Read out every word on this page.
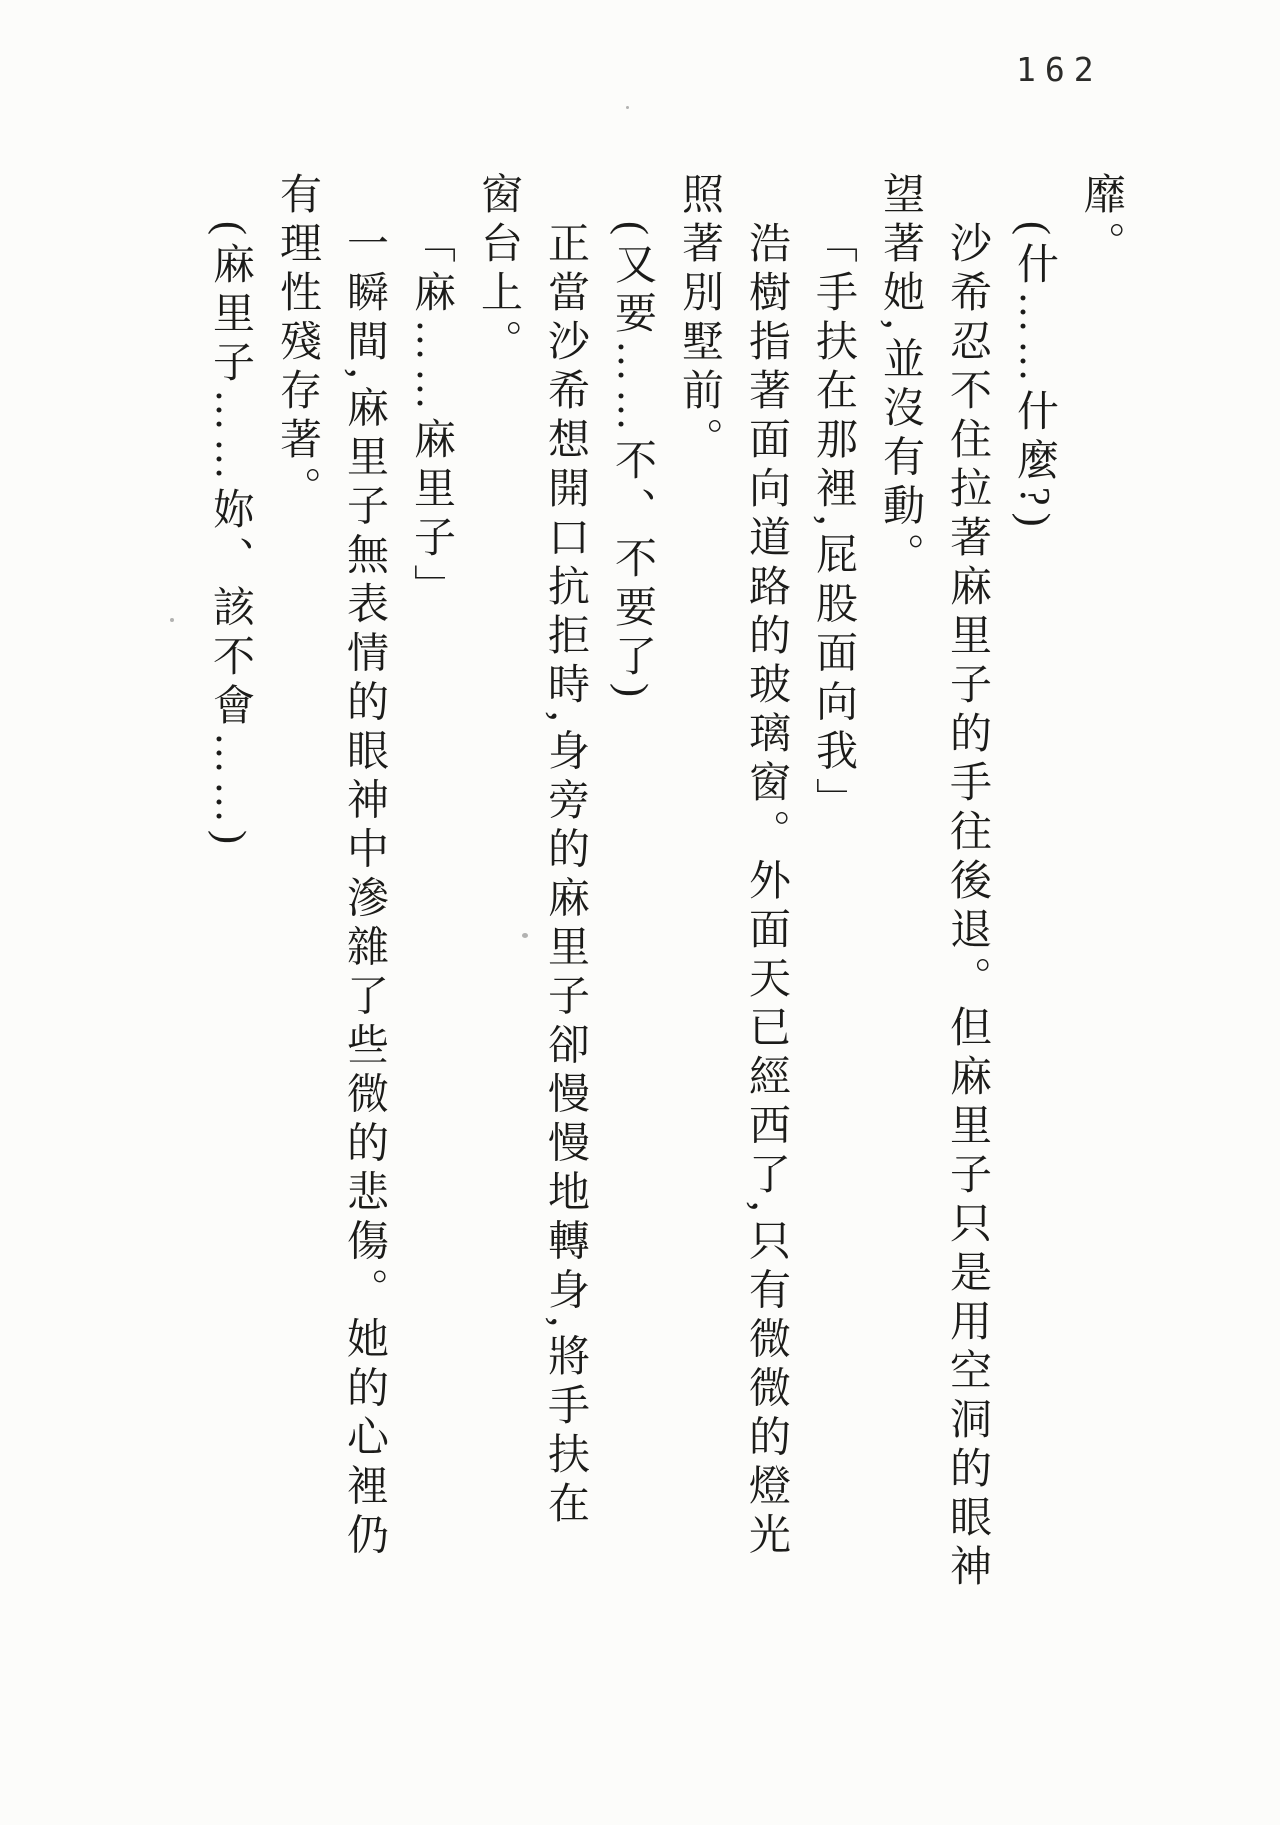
162
靡。
(什……什麼?)
沙希忍不住拉著麻里子的手往後退。但麻里子只是用空洞的眼神
望著她,並沒有動。
「手扶在那裡,屁股面向我」
浩樹指著面向道路的玻璃窗。外面天已經西了,只有微微的燈光
照著別墅前。
(又要……不、不要了)
正當沙希想開口抗拒時,身旁的麻里子卻慢慢地轉身,將手扶在
窗台上。
「麻……麻里子」
一瞬間,麻里子無表情的眼神中滲雜了些微的悲傷。她的心裡仍
有理性殘存著。
(麻里子……妳、該不會……)
